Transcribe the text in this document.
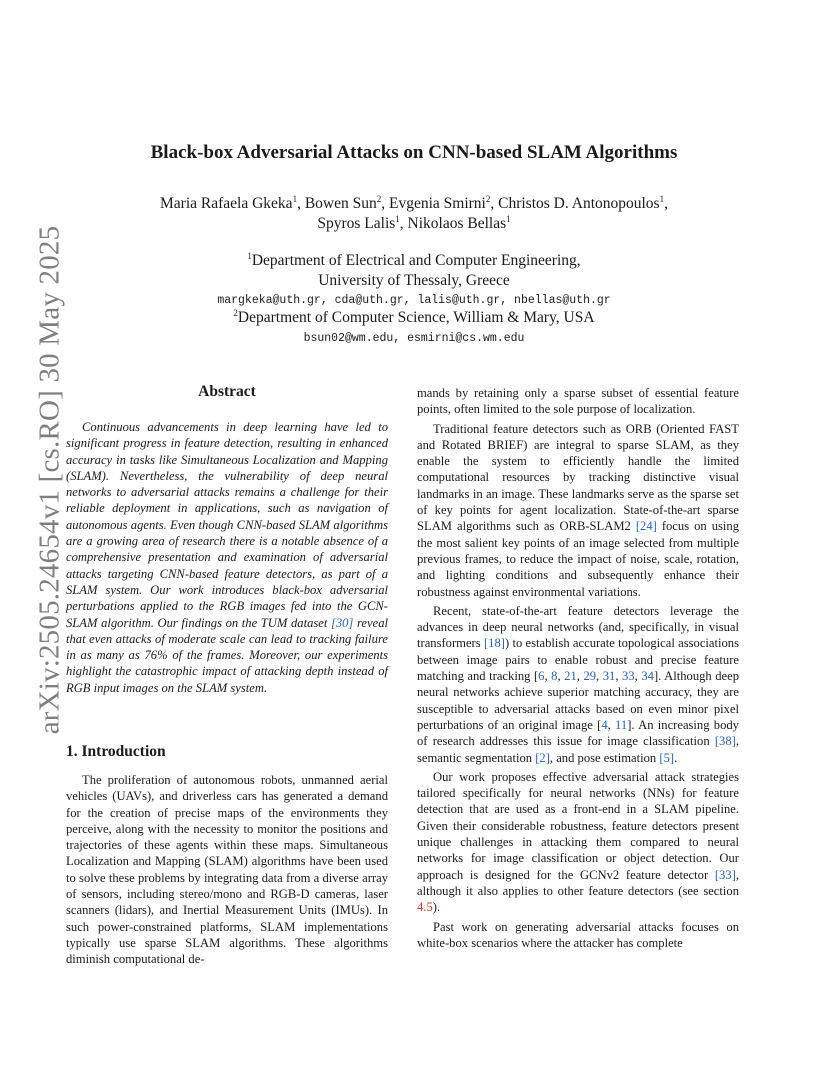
arXiv:2505.24654v1 [cs.RO] 30 May 2025
Black-box Adversarial Attacks on CNN-based SLAM Algorithms
Maria Rafaela Gkeka$^1$, Bowen Sun$^2$, Evgenia Smirni$^2$, Christos D. Antonopoulos$^1$,
Spyros Lalis$^1$, Nikolaos Bellas$^1$
$^1$Department of Electrical and Computer Engineering,
University of Thessaly, Greece
margkeka@uth.gr, cda@uth.gr, lalis@uth.gr, nbellas@uth.gr
$^2$Department of Computer Science, William & Mary, USA
bsun02@wm.edu, esmirni@cs.wm.edu
Abstract
Continuous advancements in deep learning have led to significant progress in feature detection, resulting in enhanced accuracy in tasks like Simultaneous Localization and Mapping (SLAM). Nevertheless, the vulnerability of deep neural networks to adversarial attacks remains a challenge for their reliable deployment in applications, such as navigation of autonomous agents. Even though CNN-based SLAM algorithms are a growing area of research there is a notable absence of a comprehensive presentation and examination of adversarial attacks targeting CNN-based feature detectors, as part of a SLAM system. Our work introduces black-box adversarial perturbations applied to the RGB images fed into the GCN-SLAM algorithm. Our findings on the TUM dataset [30] reveal that even attacks of moderate scale can lead to tracking failure in as many as 76% of the frames. Moreover, our experiments highlight the catastrophic impact of attacking depth instead of RGB input images on the SLAM system.
1. Introduction
The proliferation of autonomous robots, unmanned aerial vehicles (UAVs), and driverless cars has generated a demand for the creation of precise maps of the environments they perceive, along with the necessity to monitor the positions and trajectories of these agents within these maps. Simultaneous Localization and Mapping (SLAM) algorithms have been used to solve these problems by integrating data from a diverse array of sensors, including stereo/mono and RGB-D cameras, laser scanners (lidars), and Inertial Measurement Units (IMUs). In such power-constrained platforms, SLAM implementations typically use sparse SLAM algorithms. These algorithms diminish computational de-
mands by retaining only a sparse subset of essential feature points, often limited to the sole purpose of localization.
Traditional feature detectors such as ORB (Oriented FAST and Rotated BRIEF) are integral to sparse SLAM, as they enable the system to efficiently handle the limited computational resources by tracking distinctive visual landmarks in an image. These landmarks serve as the sparse set of key points for agent localization. State-of-the-art sparse SLAM algorithms such as ORB-SLAM2 [24] focus on using the most salient key points of an image selected from multiple previous frames, to reduce the impact of noise, scale, rotation, and lighting conditions and subsequently enhance their robustness against environmental variations.
Recent, state-of-the-art feature detectors leverage the advances in deep neural networks (and, specifically, in visual transformers [18]) to establish accurate topological associations between image pairs to enable robust and precise feature matching and tracking [6, 8, 21, 29, 31, 33, 34]. Although deep neural networks achieve superior matching accuracy, they are susceptible to adversarial attacks based on even minor pixel perturbations of an original image [4, 11]. An increasing body of research addresses this issue for image classification [38], semantic segmentation [2], and pose estimation [5].
Our work proposes effective adversarial attack strategies tailored specifically for neural networks (NNs) for feature detection that are used as a front-end in a SLAM pipeline. Given their considerable robustness, feature detectors present unique challenges in attacking them compared to neural networks for image classification or object detection. Our approach is designed for the GCNv2 feature detector [33], although it also applies to other feature detectors (see section 4.5).
Past work on generating adversarial attacks focuses on white-box scenarios where the attacker has complete
